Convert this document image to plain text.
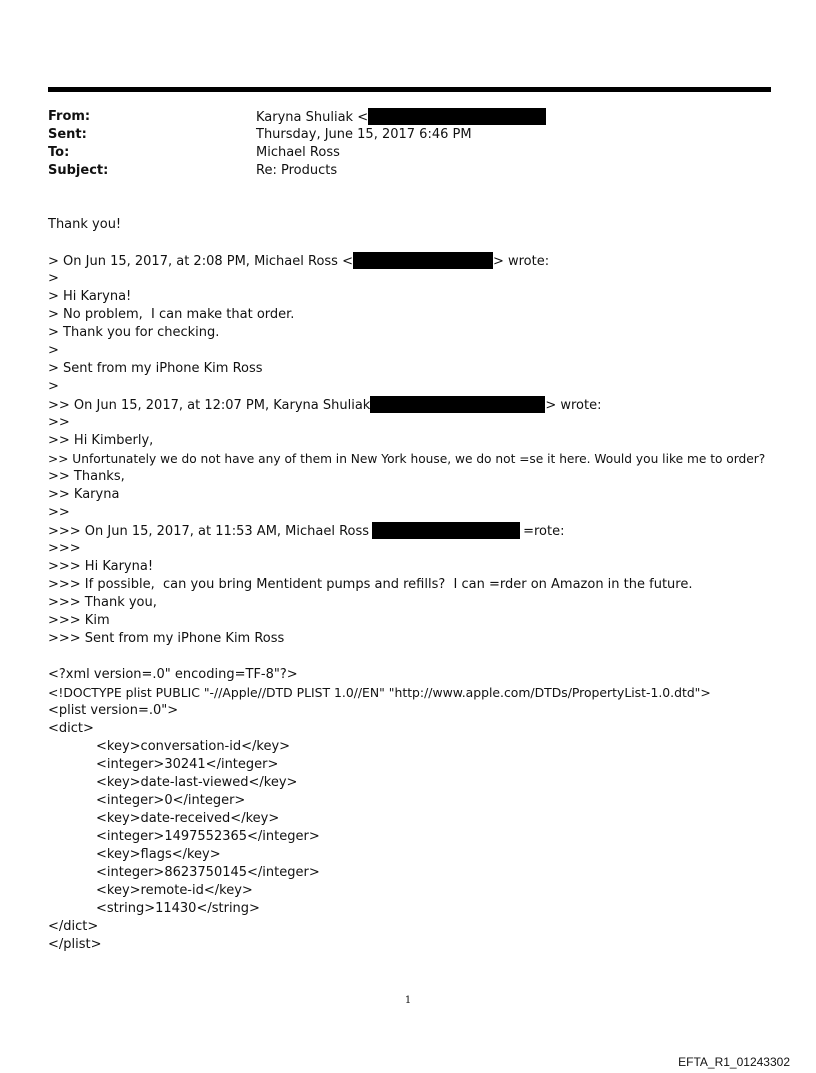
From:	Karyna Shuliak <
Sent:	Thursday, June 15, 2017 6:46 PM
To:	Michael Ross
Subject:	Re: Products
Thank you!
> On Jun 15, 2017, at 2:08 PM, Michael Ross <	> wrote:
>
> Hi Karyna!
> No problem,  I can make that order.
> Thank you for checking.
>
> Sent from my iPhone Kim Ross
>
>> On Jun 15, 2017, at 12:07 PM, Karyna Shuliak	> wrote:
>>
>> Hi Kimberly,
>> Unfortunately we do not have any of them in New York house, we do not =se it here. Would you like me to order?
>> Thanks,
>> Karyna
>>
>>> On Jun 15, 2017, at 11:53 AM, Michael Ross	=rote:
>>>
>>> Hi Karyna!
>>> If possible,  can you bring Mentident pumps and refills?  I can =rder on Amazon in the future.
>>> Thank you,
>>> Kim
>>> Sent from my iPhone Kim Ross
<?xml version=.0" encoding=TF-8"?>
<!DOCTYPE plist PUBLIC "-//Apple//DTD PLIST 1.0//EN" "http://www.apple.com/DTDs/PropertyList-1.0.dtd">
<plist version=.0">
<dict>
<key>conversation-id</key>
<integer>30241</integer>
<key>date-last-viewed</key>
<integer>0</integer>
<key>date-received</key>
<integer>1497552365</integer>
<key>flags</key>
<integer>8623750145</integer>
<key>remote-id</key>
<string>11430</string>
</dict>
</plist>
1
EFTA_R1_01243302
